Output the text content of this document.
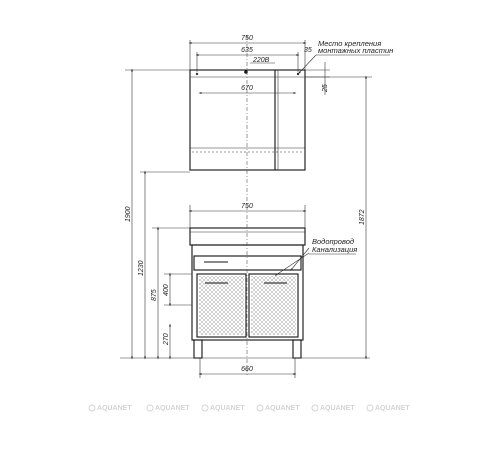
750
635	35
220В
670	25
Место крепления
монтажных пластин
1900
1230
875 400
270
1872
750
660
Водопровод
Канализация
AQUANET	AQUANET	AQUANET	AQUANET	AQUANET	AQUANET
